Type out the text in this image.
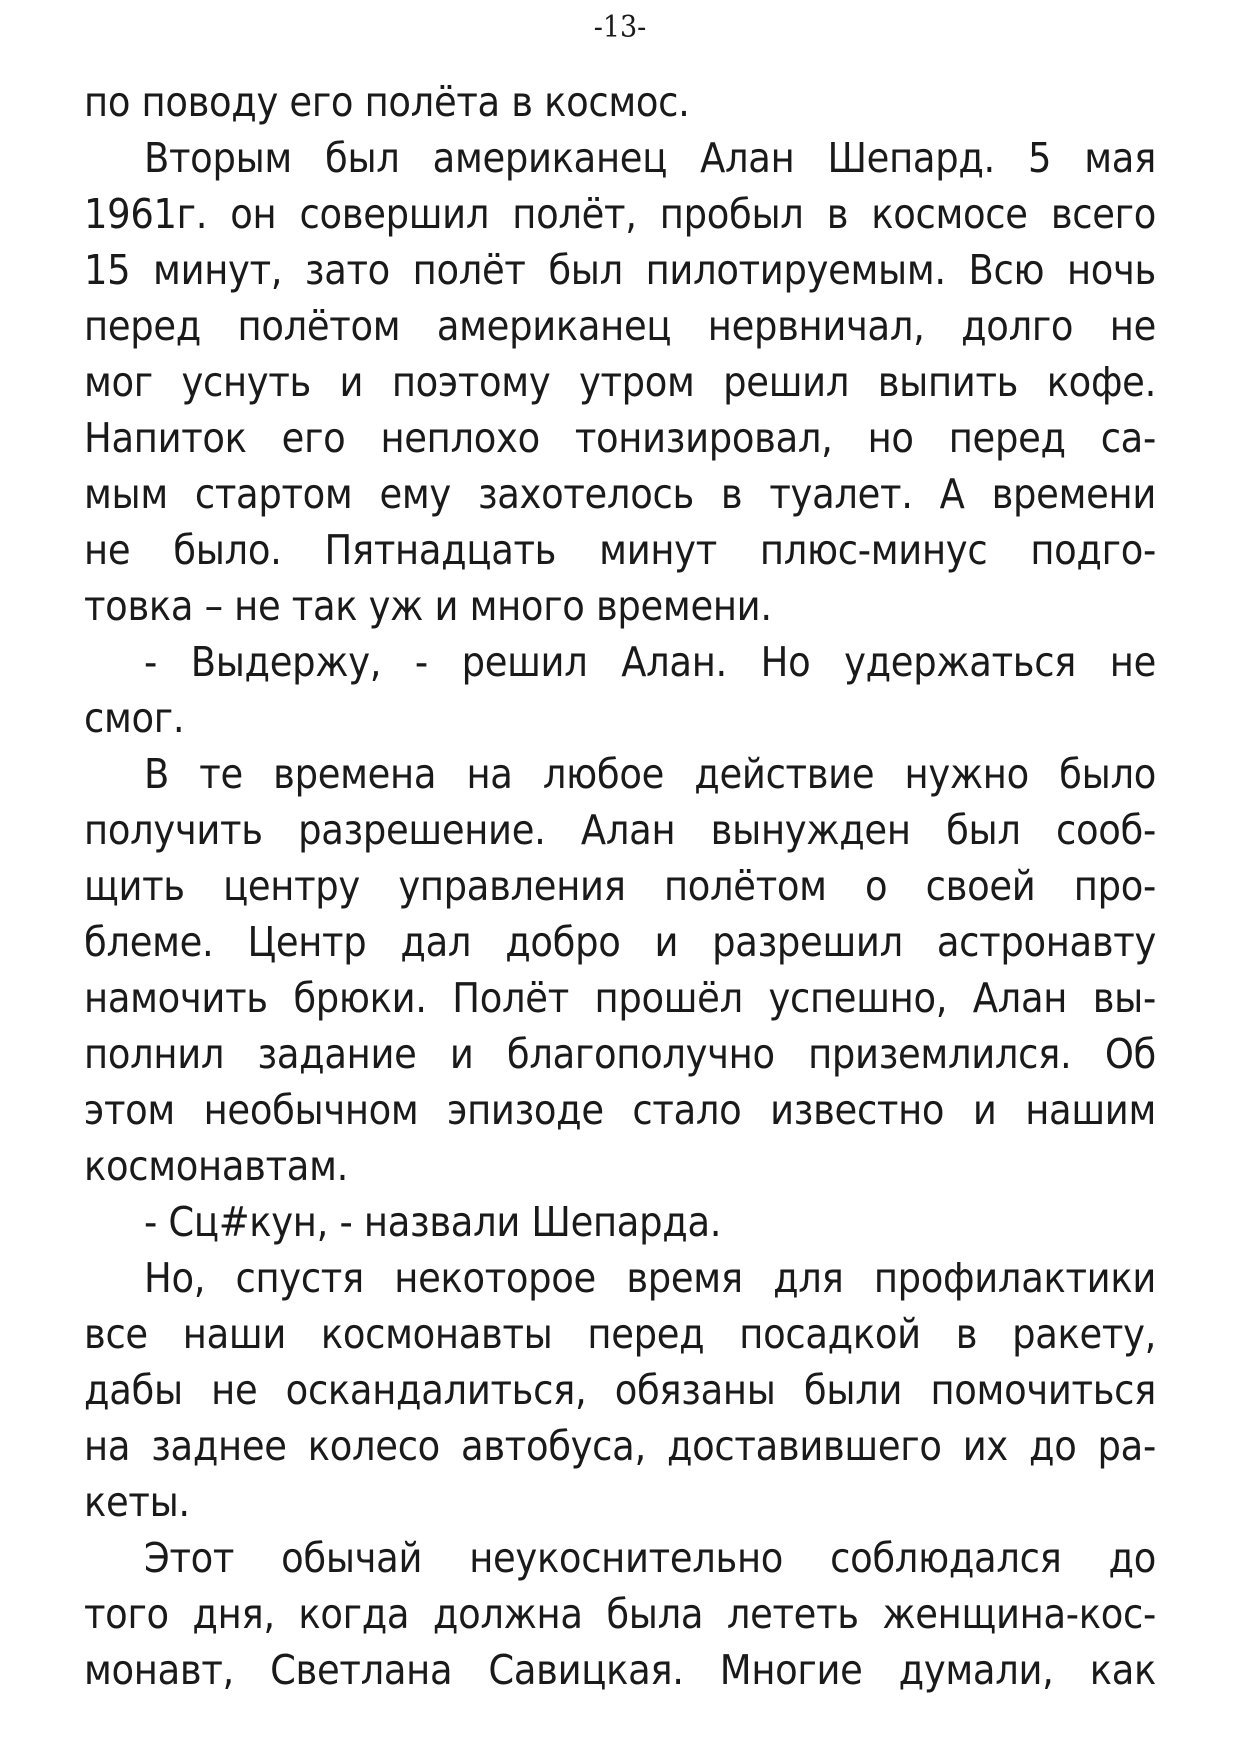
-13-
по поводу его полёта в космос.
Вторым был американец Алан Шепард. 5 мая
1961г. он совершил полёт, пробыл в космосе всего
15 минут, зато полёт был пилотируемым. Всю ночь
перед полётом американец нервничал, долго не
мог уснуть и поэтому утром решил выпить кофе.
Напиток его неплохо тонизировал, но перед са-
мым стартом ему захотелось в туалет. А времени
не было. Пятнадцать минут плюс-минус подго-
товка – не так уж и много времени.
- Выдержу, - решил Алан. Но удержаться не
смог.
В те времена на любое действие нужно было
получить разрешение. Алан вынужден был сооб-
щить центру управления полётом о своей про-
блеме. Центр дал добро и разрешил астронавту
намочить брюки. Полёт прошёл успешно, Алан вы-
полнил задание и благополучно приземлился. Об
этом необычном эпизоде стало известно и нашим
космонавтам.
- Сц#кун, - назвали Шепарда.
Но, спустя некоторое время для профилактики
все наши космонавты перед посадкой в ракету,
дабы не оскандалиться, обязаны были помочиться
на заднее колесо автобуса, доставившего их до ра-
кеты.
Этот обычай неукоснительно соблюдался до
того дня, когда должна была лететь женщина-кос-
монавт, Светлана Савицкая. Многие думали, как
